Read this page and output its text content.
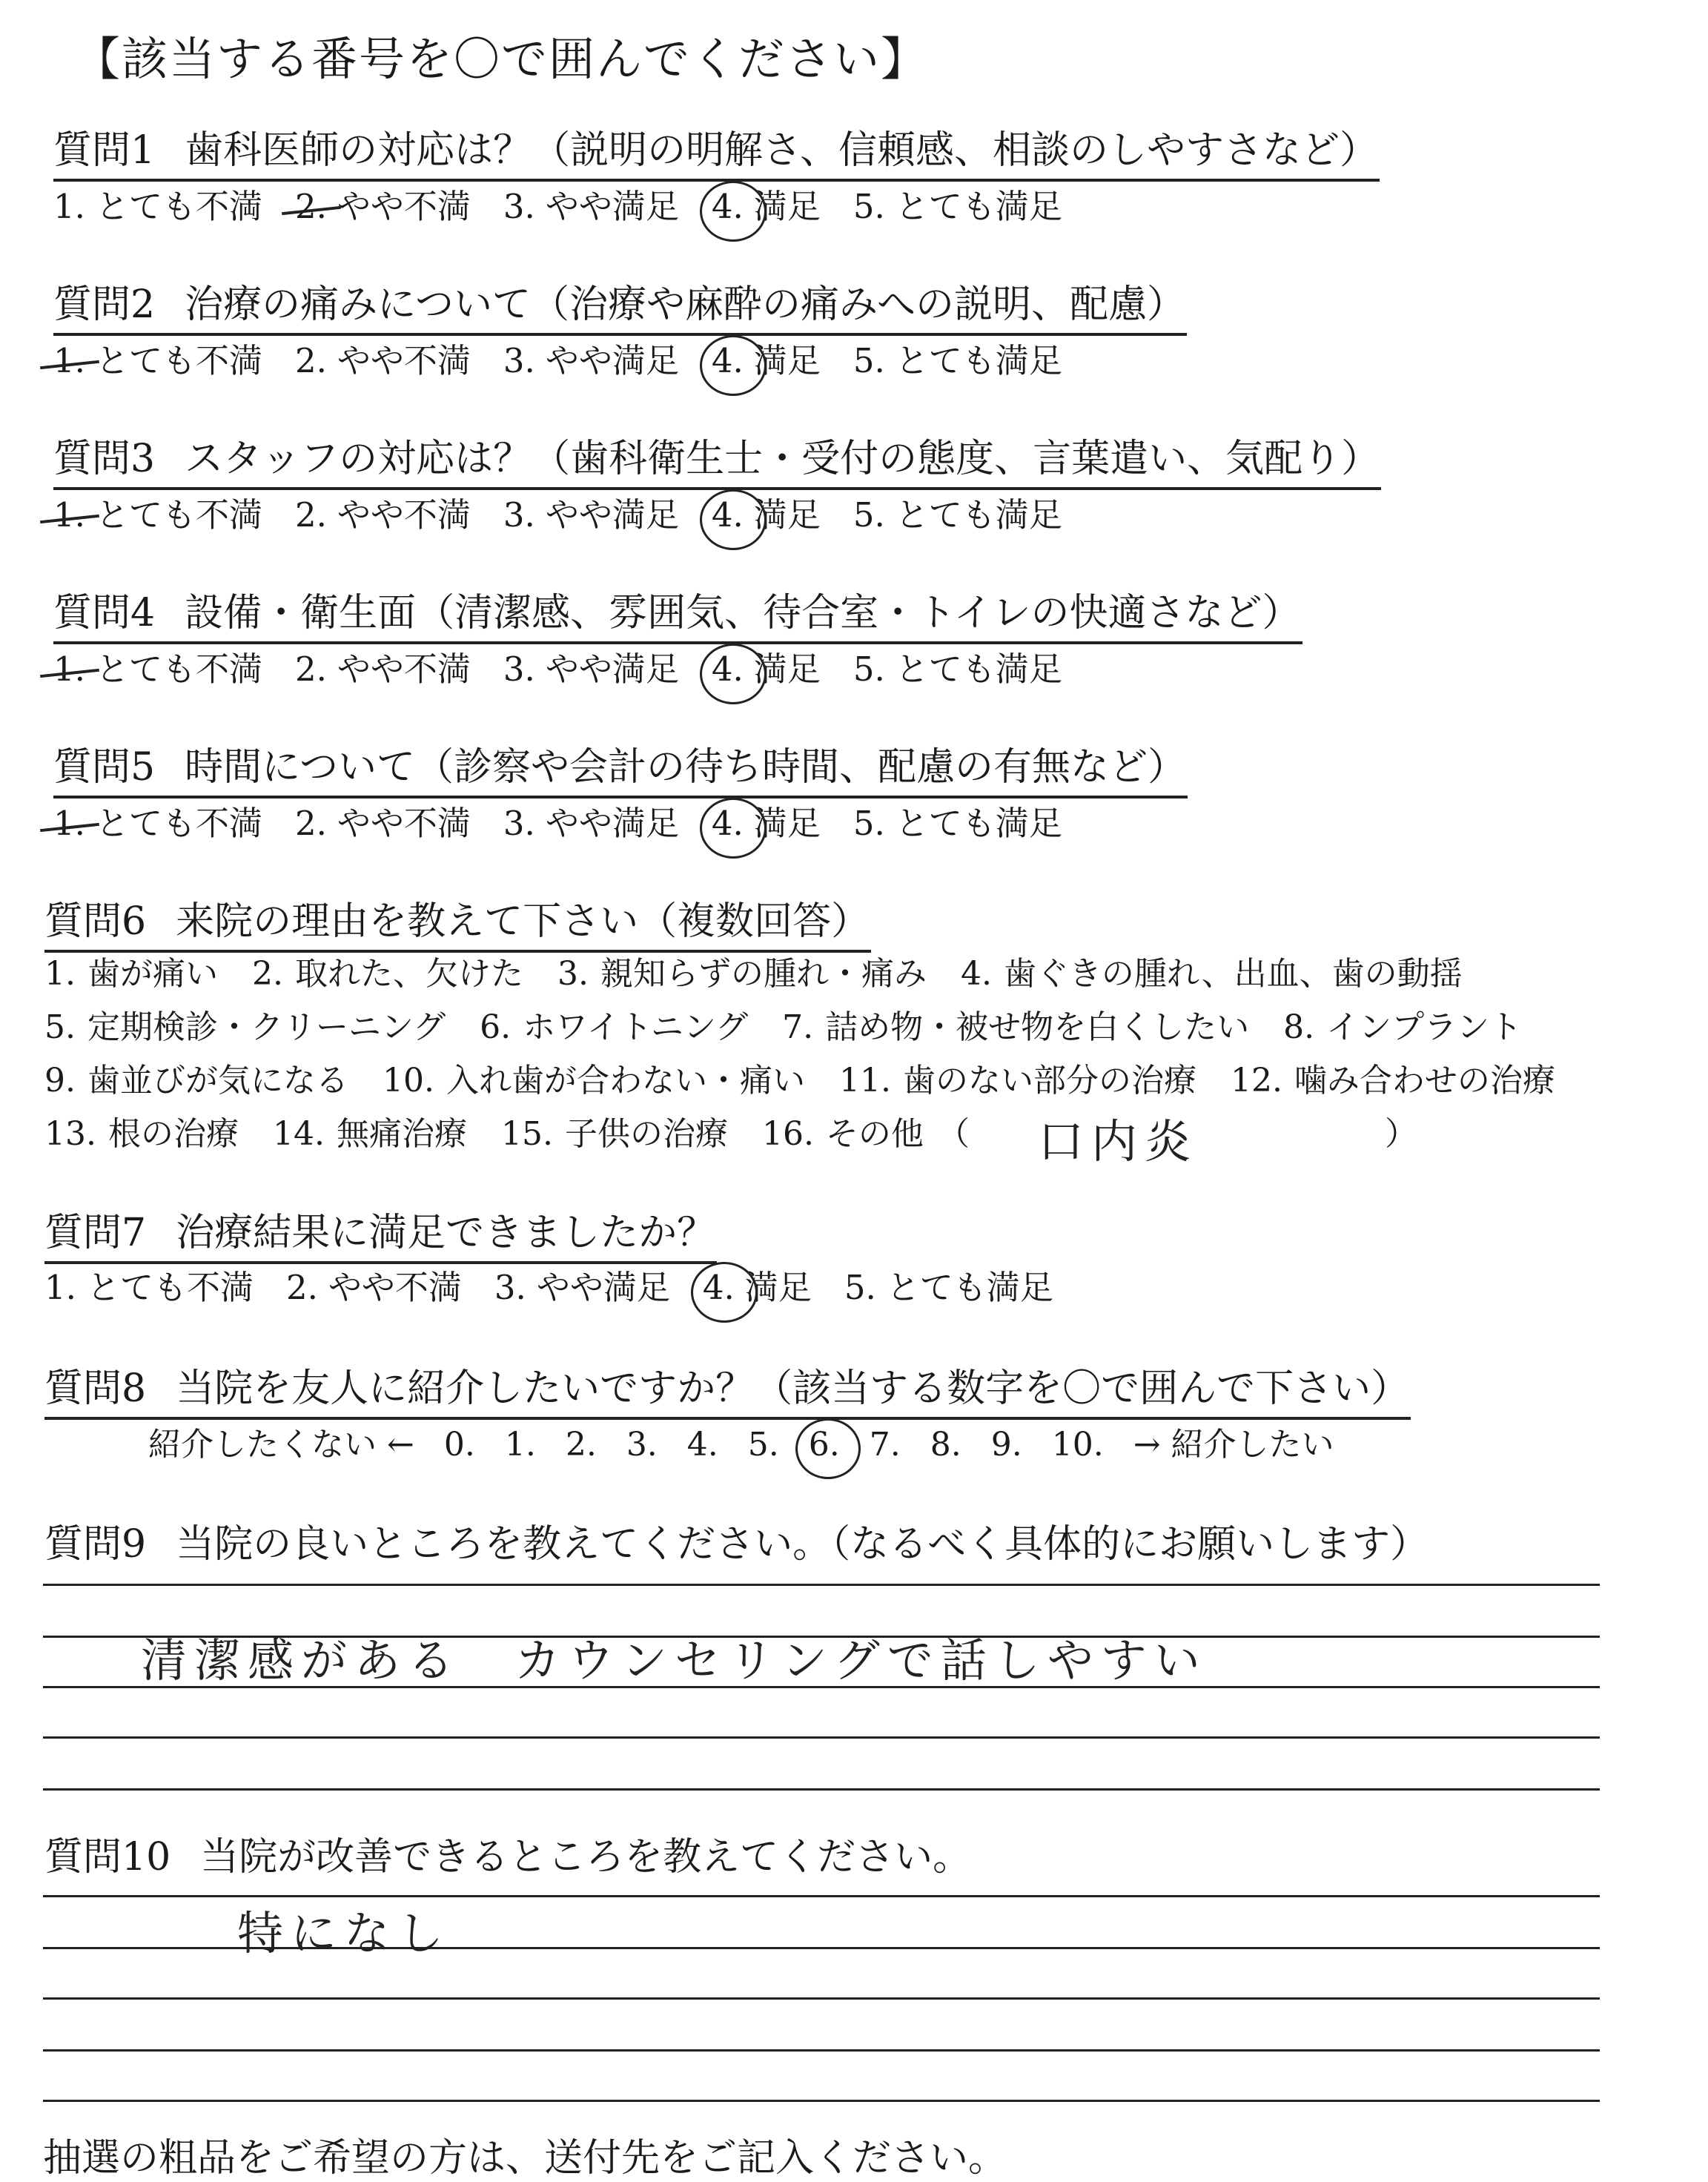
【該当する番号を〇で囲んでください】
質問1 歯科医師の対応は？（説明の明解さ、信頼感、相談のしやすさなど）
1. とても不満 2. やや不満 3. やや満足 4. 満足 5. とても満足
質問2 治療の痛みについて（治療や麻酔の痛みへの説明、配慮）
1. とても不満 2. やや不満 3. やや満足 4. 満足 5. とても満足
質問3 スタッフの対応は？（歯科衛生士・受付の態度、言葉遣い、気配り）
1. とても不満 2. やや不満 3. やや満足 4. 満足 5. とても満足
質問4 設備・衛生面（清潔感、雰囲気、待合室・トイレの快適さなど）
1. とても不満 2. やや不満 3. やや満足 4. 満足 5. とても満足
質問5 時間について（診察や会計の待ち時間、配慮の有無など）
1. とても不満 2. やや不満 3. やや満足 4. 満足 5. とても満足
質問6 来院の理由を教えて下さい（複数回答）
1. 歯が痛い 2. 取れた、欠けた 3. 親知らずの腫れ・痛み 4. 歯ぐきの腫れ、出血、歯の動揺
5. 定期検診・クリーニング 6. ホワイトニング 7. 詰め物・被せ物を白くしたい 8. インプラント
9. 歯並びが気になる 10. 入れ歯が合わない・痛い 11. 歯のない部分の治療 12. 噛み合わせの治療
13. 根の治療 14. 無痛治療 15. 子供の治療 16. その他 （	）
口内炎
質問7 治療結果に満足できましたか？
1. とても不満 2. やや不満 3. やや満足 4. 満足 5. とても満足
質問8 当院を友人に紹介したいですか？（該当する数字を〇で囲んで下さい）
紹介したくない ← 0. 1. 2. 3. 4. 5. 6. 7. 8. 9. 10. → 紹介したい
質問9 当院の良いところを教えてください。（なるべく具体的にお願いします）
清潔感がある　カウンセリングで話しやすい
質問10 当院が改善できるところを教えてください。
特になし
抽選の粗品をご希望の方は、送付先をご記入ください。
